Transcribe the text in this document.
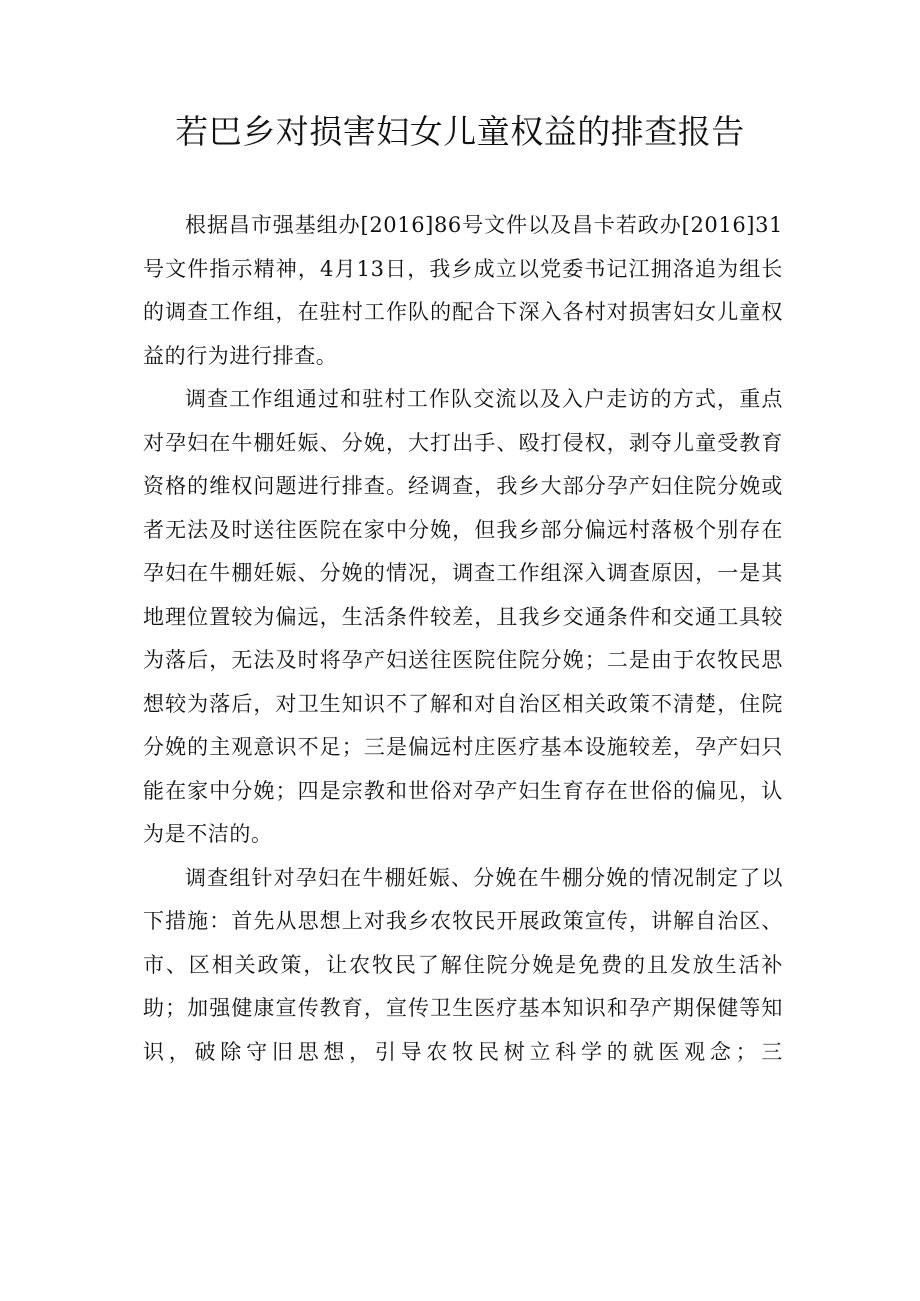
若巴乡对损害妇女儿童权益的排查报告

根据昌市强基组办[2016]86号文件以及昌卡若政办[2016]31号文件指示精神，4月13日，我乡成立以党委书记江拥洛追为组长的调查工作组，在驻村工作队的配合下深入各村对损害妇女儿童权益的行为进行排查。

调查工作组通过和驻村工作队交流以及入户走访的方式，重点对孕妇在牛棚妊娠、分娩，大打出手、殴打侵权，剥夺儿童受教育资格的维权问题进行排查。经调查，我乡大部分孕产妇住院分娩或者无法及时送往医院在家中分娩，但我乡部分偏远村落极个别存在孕妇在牛棚妊娠、分娩的情况，调查工作组深入调查原因，一是其地理位置较为偏远，生活条件较差，且我乡交通条件和交通工具较为落后，无法及时将孕产妇送往医院住院分娩；二是由于农牧民思想较为落后，对卫生知识不了解和对自治区相关政策不清楚，住院分娩的主观意识不足；三是偏远村庄医疗基本设施较差，孕产妇只能在家中分娩；四是宗教和世俗对孕产妇生育存在世俗的偏见，认为是不洁的。

调查组针对孕妇在牛棚妊娠、分娩在牛棚分娩的情况制定了以下措施：首先从思想上对我乡农牧民开展政策宣传，讲解自治区、市、区相关政策，让农牧民了解住院分娩是免费的且发放生活补助；加强健康宣传教育，宣传卫生医疗基本知识和孕产期保健等知识，破除守旧思想，引导农牧民树立科学的就医观念；三
